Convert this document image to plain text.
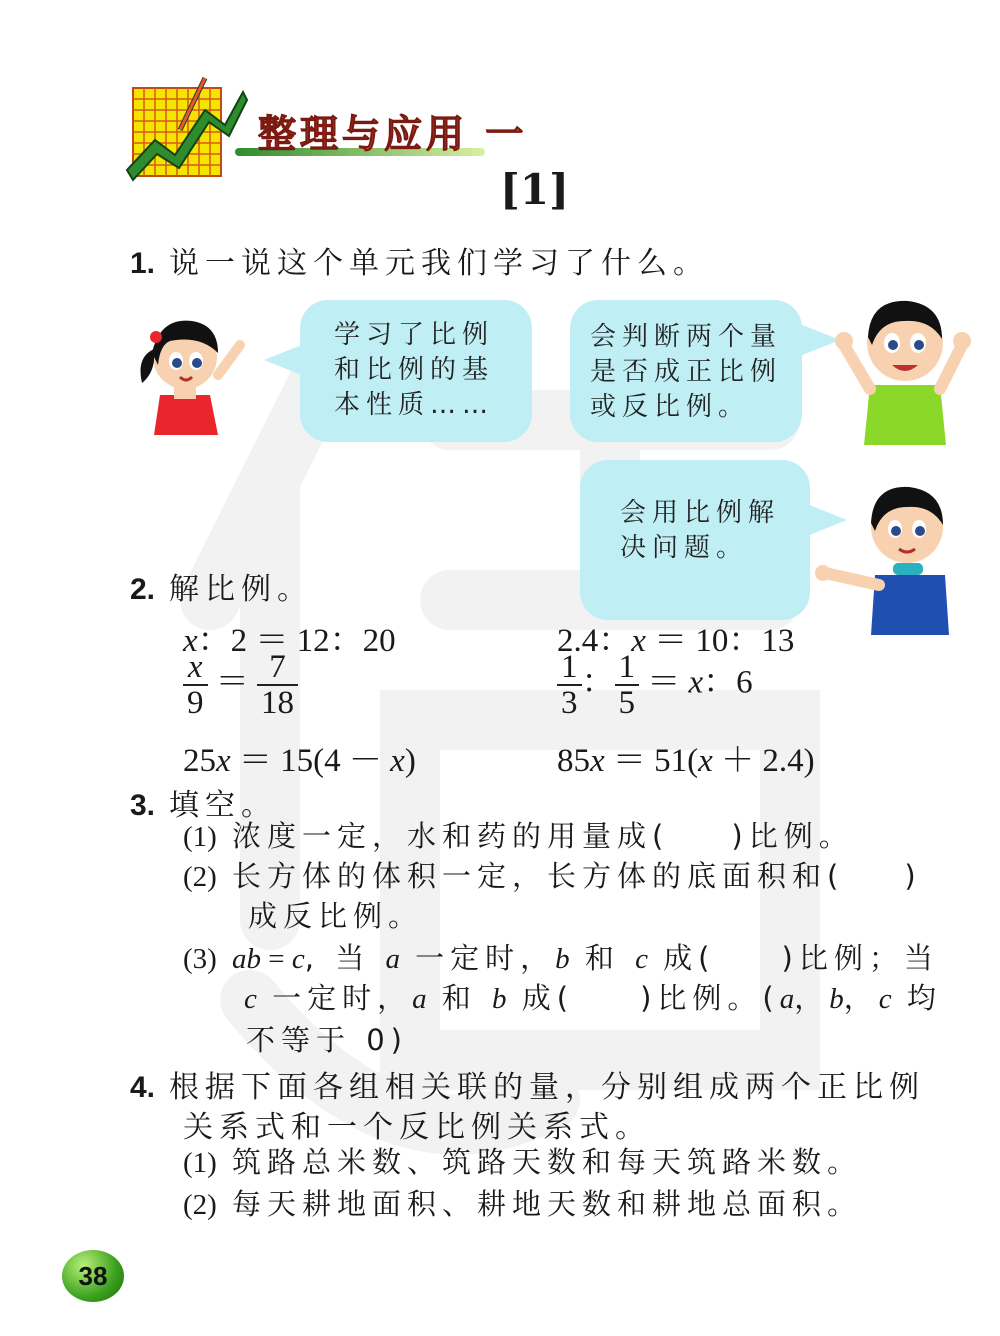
整理与应用 一
[1]
1. 说一说这个单元我们学习了什么。
学习了比例
和比例的基
本性质……
会判断两个量
是否成正比例
或反比例。
会用比例解
决问题。
2. 解比例。
x：2 ＝ 12：20	2.4：x ＝ 10：13
$\frac{x}{9} = \frac{7}{18}$	$\frac{1}{3}$ ： $\frac{1}{5} = x$：6
25x ＝ 15(4 － x)	85x ＝ 51(x ＋ 2.4)
3. 填空。
(1) 浓度一定，水和药的用量成( )比例。
(2) 长方体的体积一定，长方体的底面积和( )
成反比例。
(3) ab = c, 当 a 一定时，b 和 c 成( )比例；当
c 一定时，a 和 b 成( )比例。(a，b，c 均
不等于 0)
4. 根据下面各组相关联的量，分别组成两个正比例
关系式和一个反比例关系式。
(1) 筑路总米数、筑路天数和每天筑路米数。
(2) 每天耕地面积、耕地天数和耕地总面积。
38
